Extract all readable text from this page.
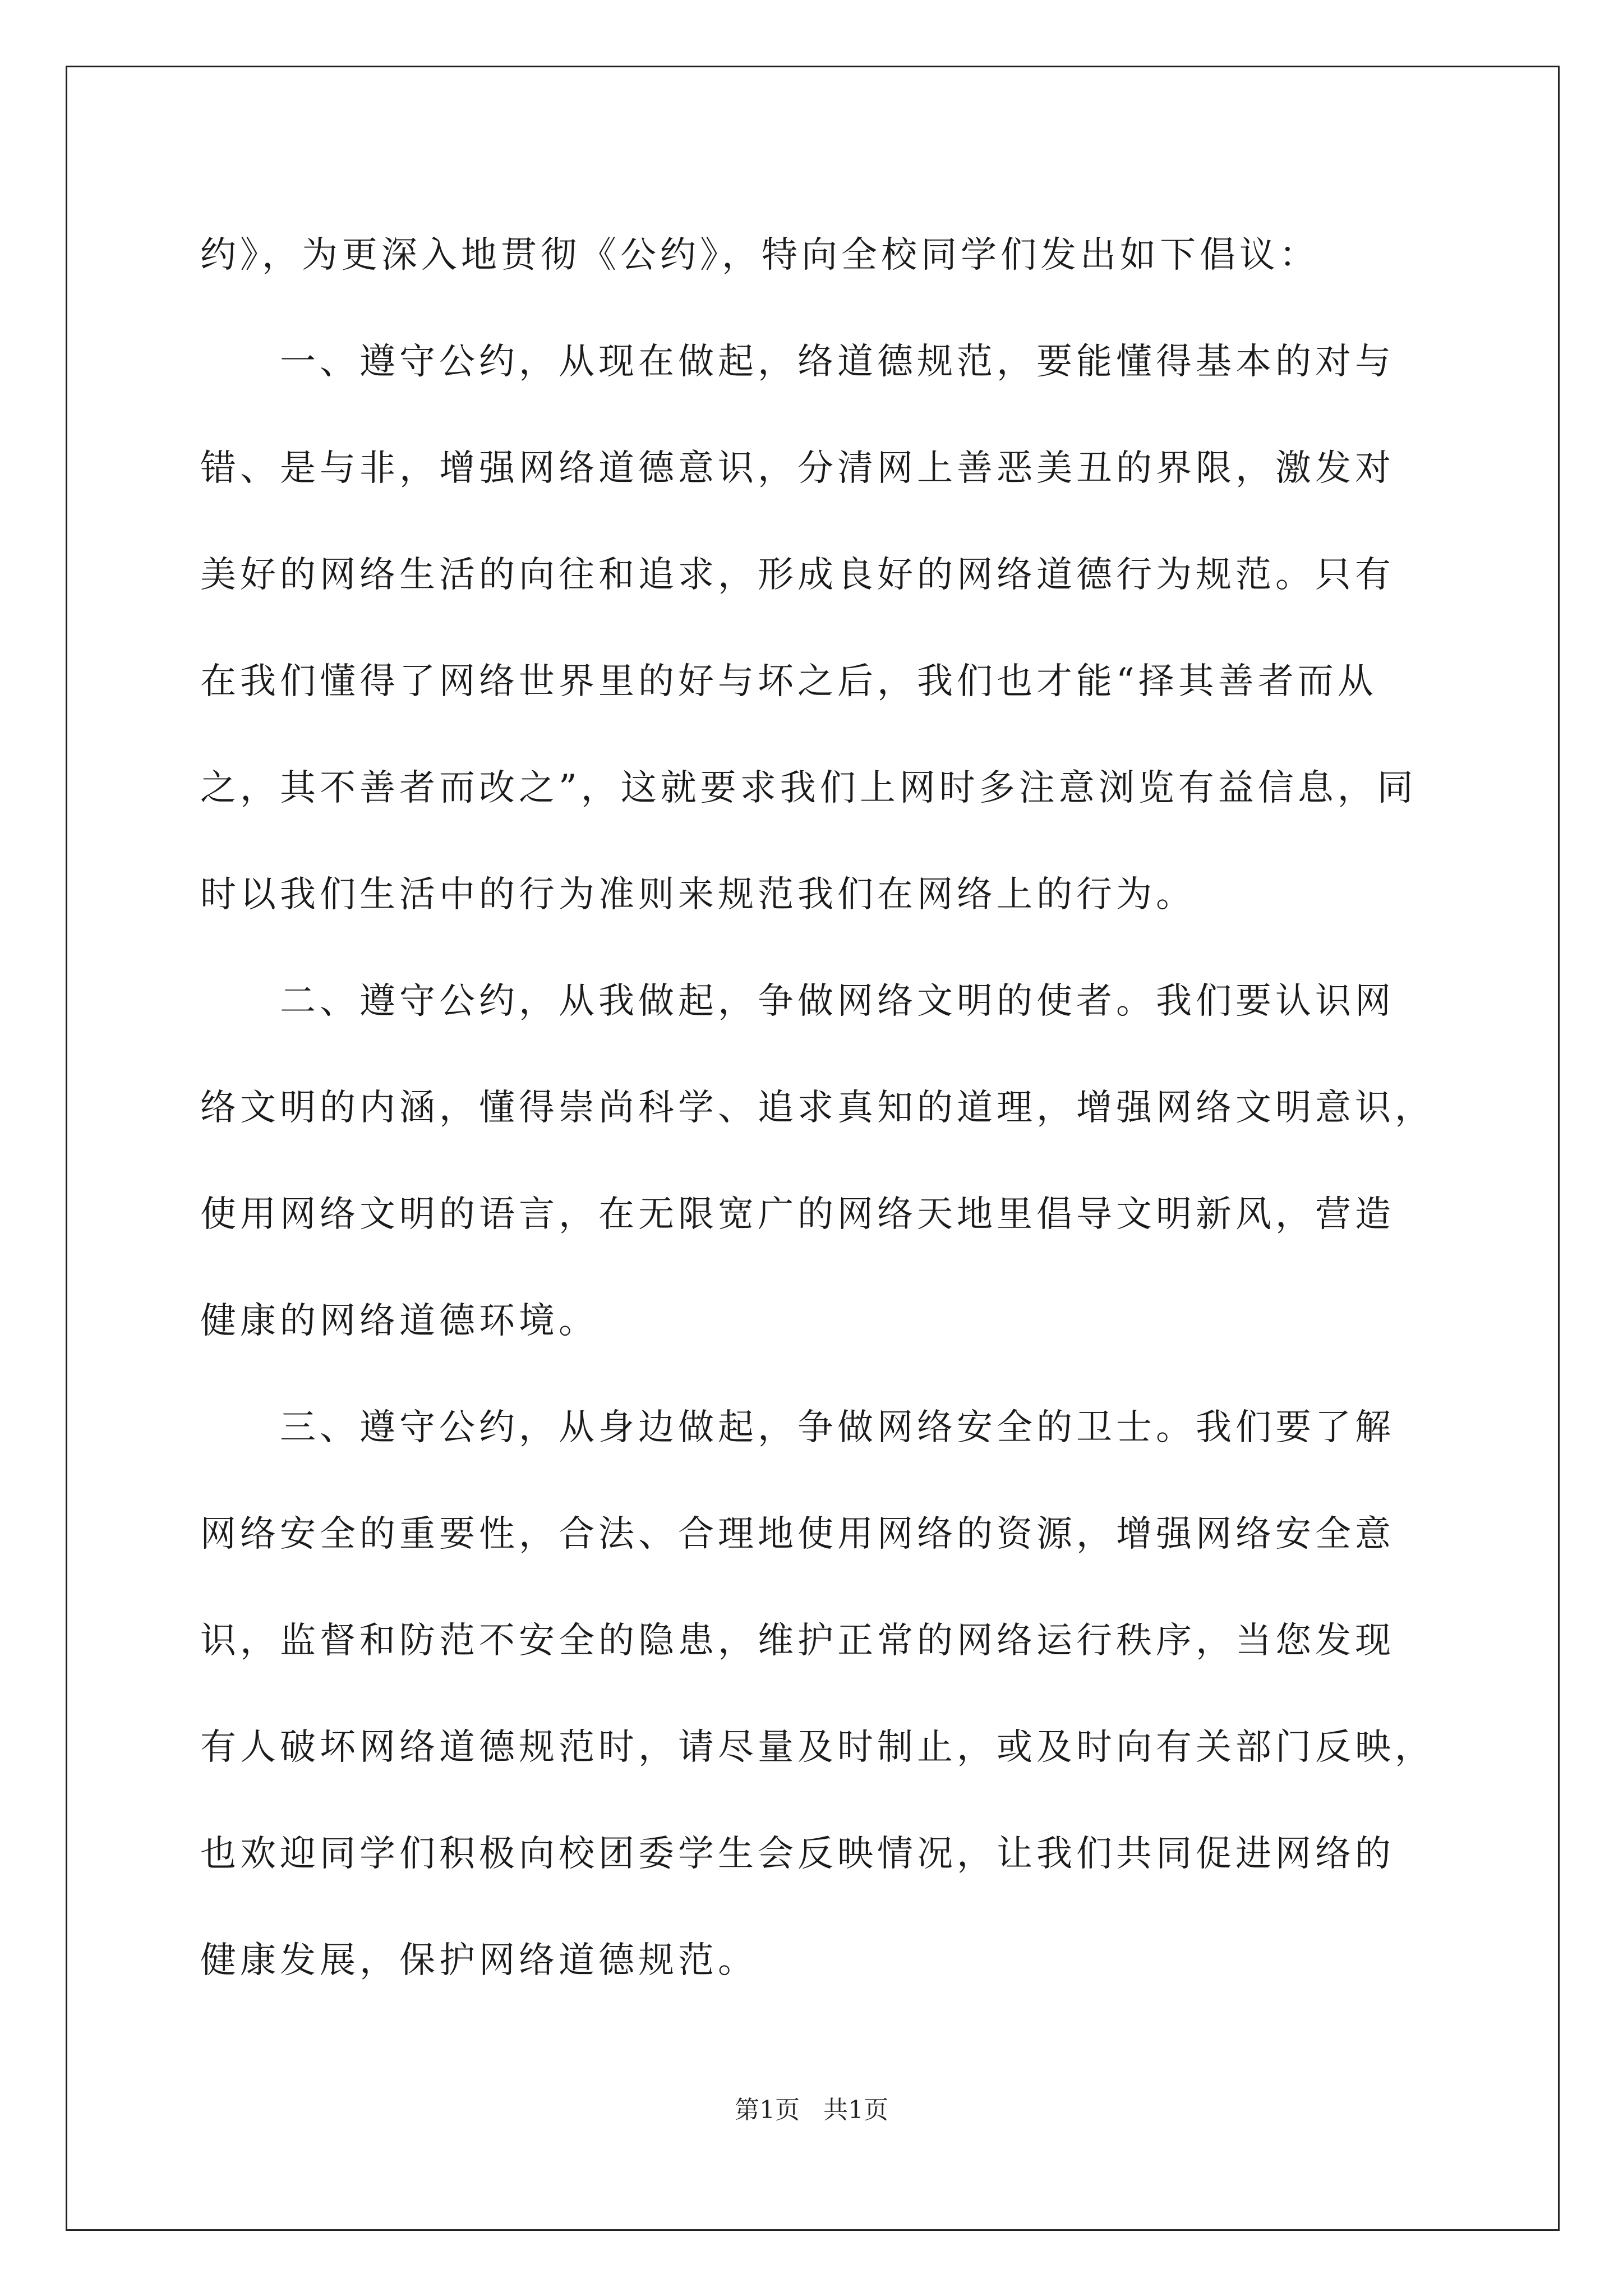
约》，为更深入地贯彻《公约》，特向全校同学们发出如下倡议：
一、遵守公约，从现在做起，络道德规范，要能懂得基本的对与
错、是与非，增强网络道德意识，分清网上善恶美丑的界限，激发对
美好的网络生活的向往和追求，形成良好的网络道德行为规范。只有
在我们懂得了网络世界里的好与坏之后，我们也才能“择其善者而从
之，其不善者而改之”，这就要求我们上网时多注意浏览有益信息，同
时以我们生活中的行为准则来规范我们在网络上的行为。
二、遵守公约，从我做起，争做网络文明的使者。我们要认识网
络文明的内涵，懂得崇尚科学、追求真知的道理，增强网络文明意识，
使用网络文明的语言，在无限宽广的网络天地里倡导文明新风，营造
健康的网络道德环境。
三、遵守公约，从身边做起，争做网络安全的卫士。我们要了解
网络安全的重要性，合法、合理地使用网络的资源，增强网络安全意
识，监督和防范不安全的隐患，维护正常的网络运行秩序，当您发现
有人破坏网络道德规范时，请尽量及时制止，或及时向有关部门反映，
也欢迎同学们积极向校团委学生会反映情况，让我们共同促进网络的
健康发展，保护网络道德规范。
第1页   共1页
